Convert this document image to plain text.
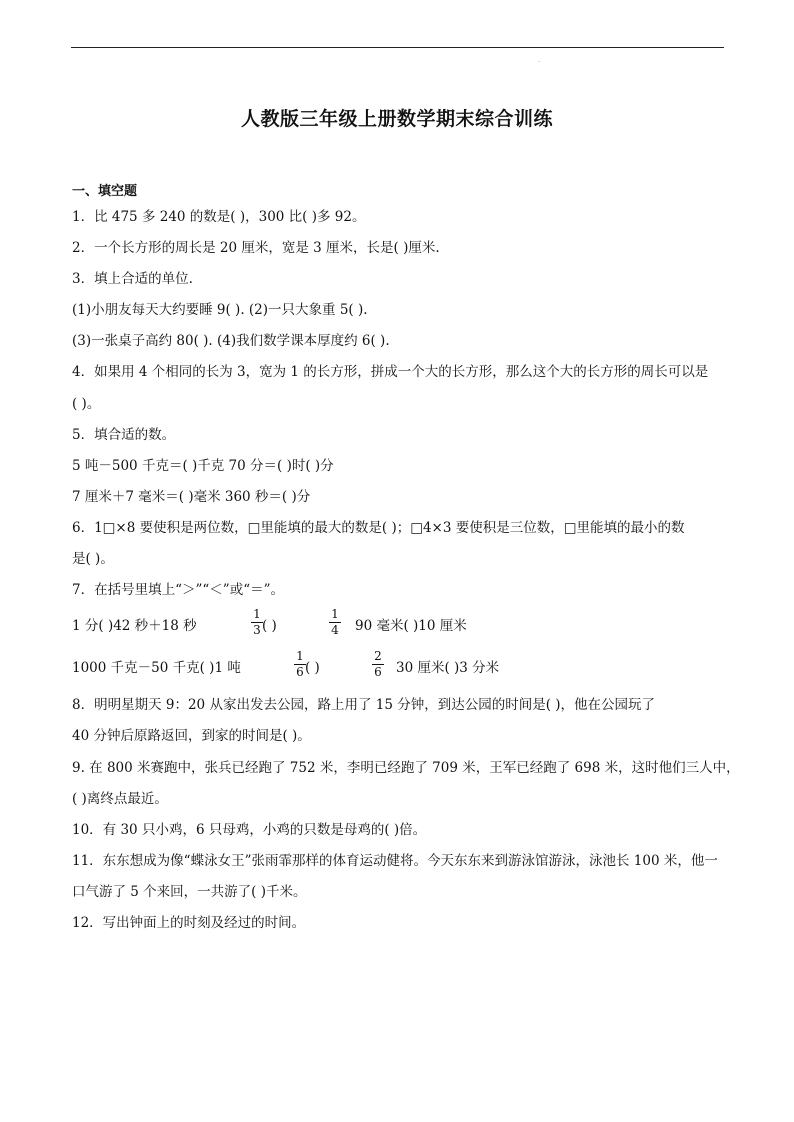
.
人教版三年级上册数学期末综合训练
一、填空题
1．比 475 多 240 的数是( )，300 比( )多 92。
2．一个长方形的周长是 20 厘米，宽是 3 厘米，长是( )厘米.
3．填上合适的单位.
(1)小朋友每天大约要睡 9( ). (2)一只大象重 5( ).
(3)一张桌子高约 80( ). (4)我们数学课本厚度约 6( ).
4．如果用 4 个相同的长为 3，宽为 1 的长方形，拼成一个大的长方形，那么这个大的长方形的周长可以是
( )。
5．填合适的数。
5 吨－500 千克＝( )千克 70 分＝( )时( )分
7 厘米＋7 毫米＝( )毫米 360 秒＝( )分
6．1□×8 要使积是两位数，□里能填的最大的数是( )；□4×3 要使积是三位数，□里能填的最小的数
是( )。
7．在括号里填上“＞”“＜”或“＝”。
1 分( )42 秒＋18 秒
1
3 ( )
1
4 90 毫米( )10 厘米
1000 千克－50 千克( )1 吨
1
6 ( )
2
6 30 厘米( )3 分米
8．明明星期天 9：20 从家出发去公园，路上用了 15 分钟，到达公园的时间是( )，他在公园玩了
40 分钟后原路返回，到家的时间是( )。
9. 在 800 米赛跑中，张兵已经跑了 752 米，李明已经跑了 709 米，王军已经跑了 698 米，这时他们三人中，
( )离终点最近。
10．有 30 只小鸡，6 只母鸡，小鸡的只数是母鸡的( )倍。
11．东东想成为像“蝶泳女王”张雨霏那样的体育运动健将。今天东东来到游泳馆游泳，泳池长 100 米，他一
口气游了 5 个来回，一共游了( )千米。
12．写出钟面上的时刻及经过的时间。
